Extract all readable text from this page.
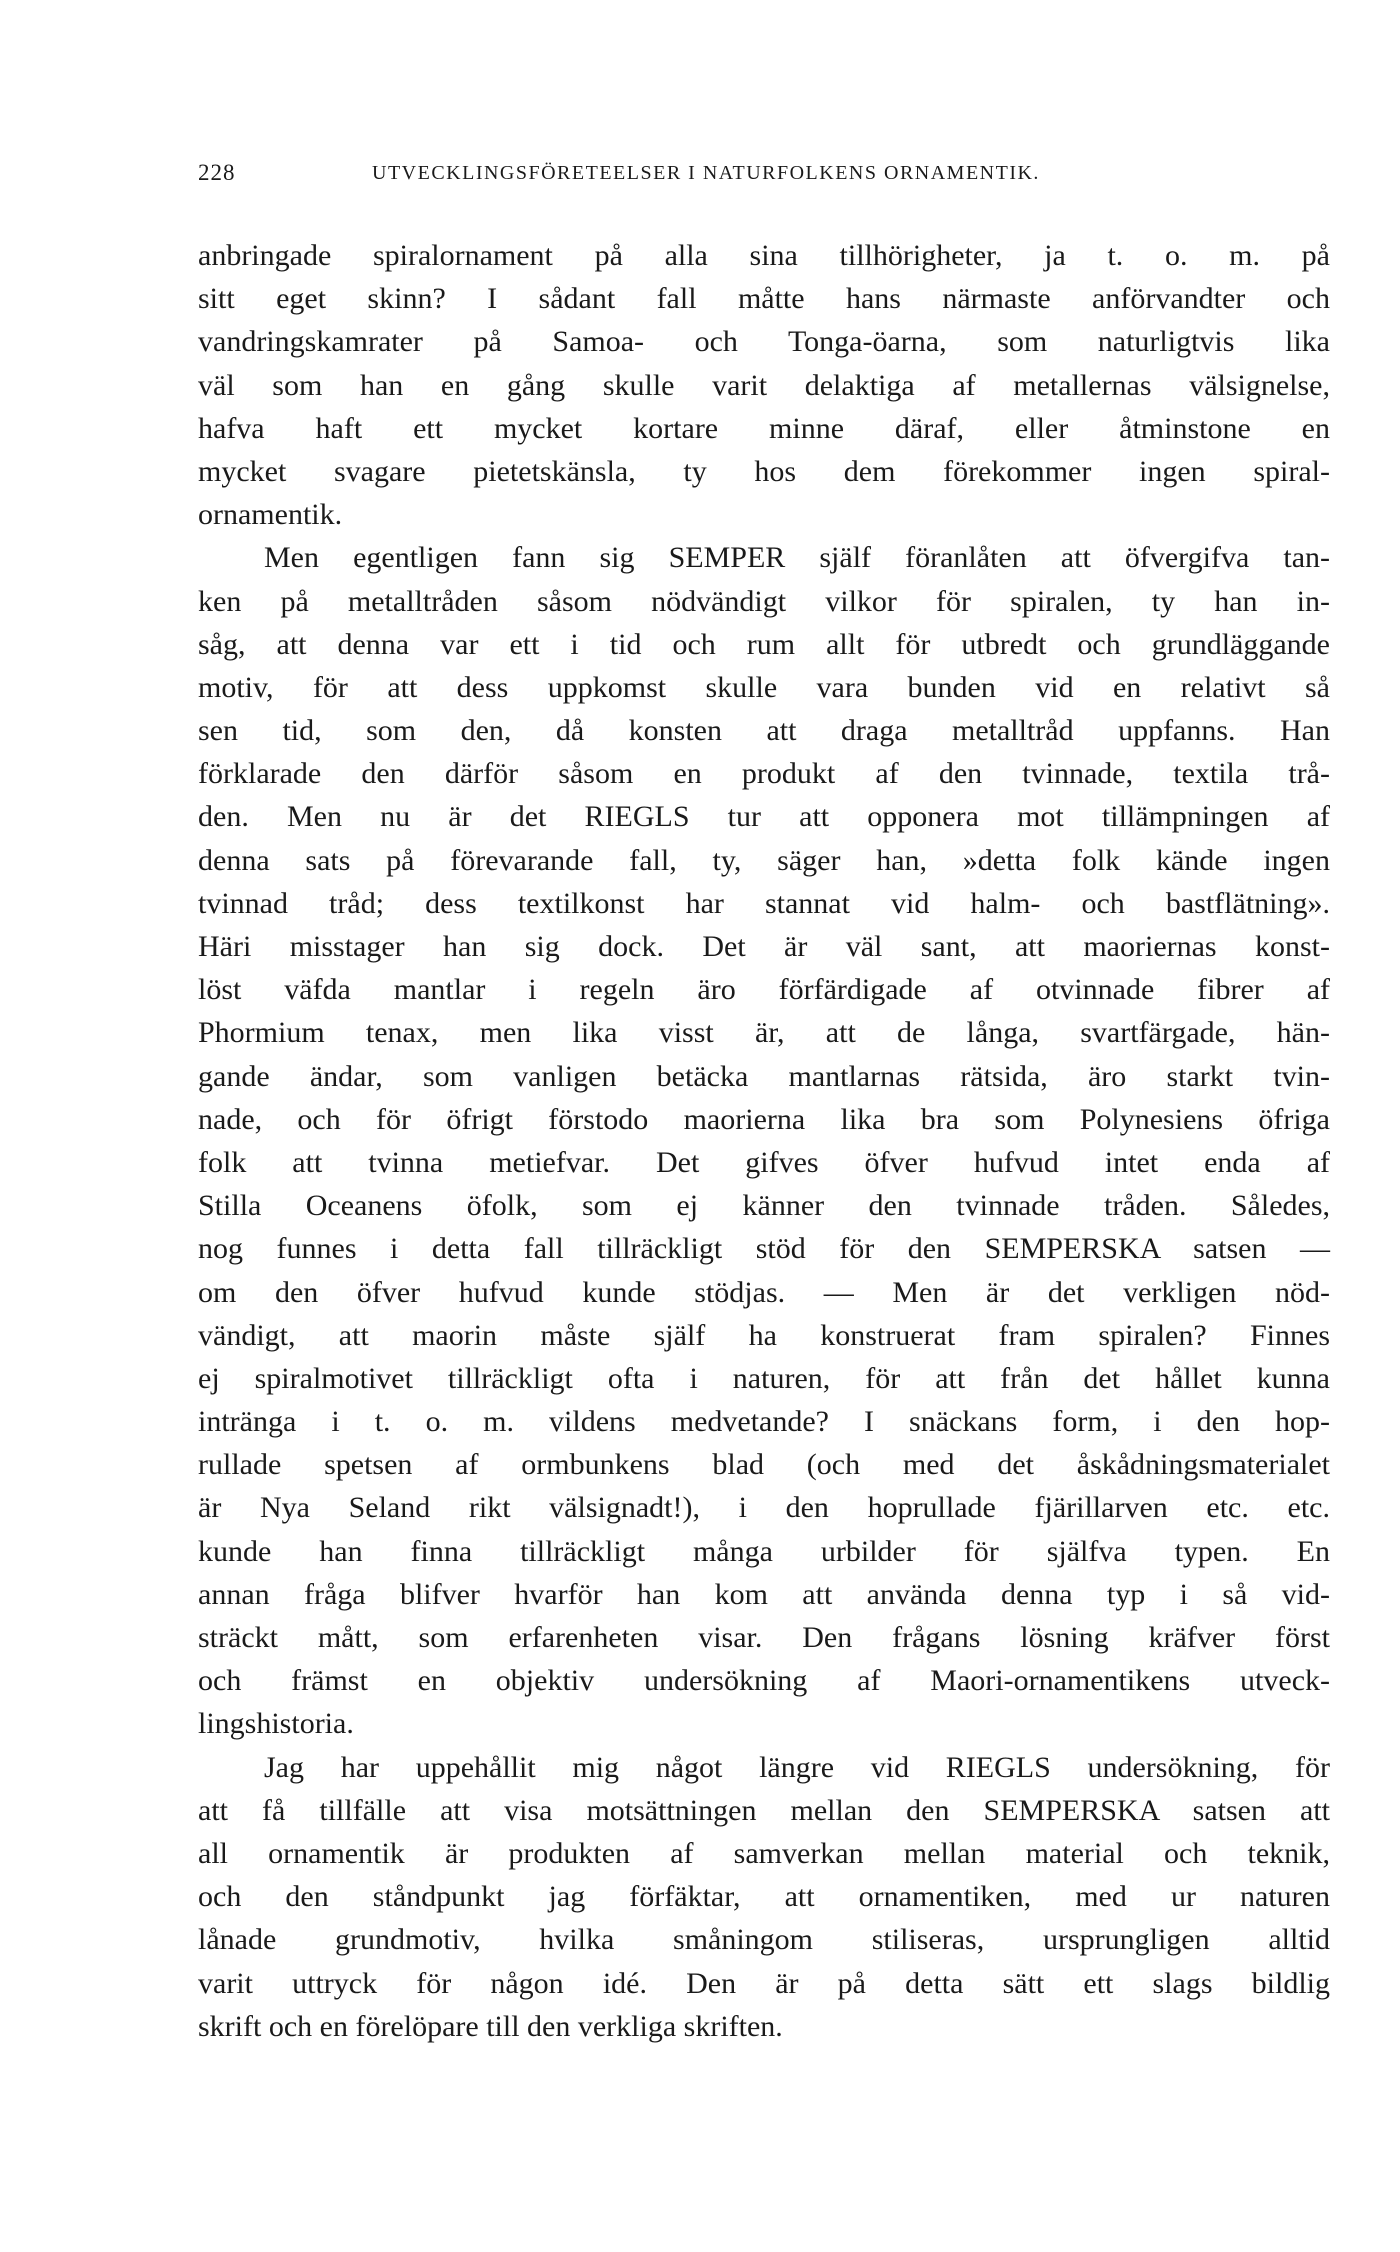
228	UTVECKLINGSFÖRETEELSER I NATURFOLKENS ORNAMENTIK.
anbringade spiralornament på alla sina tillhörigheter, ja t. o. m. på
sitt eget skinn? I sådant fall måtte hans närmaste anförvandter och
vandringskamrater på Samoa- och Tonga-öarna, som naturligtvis lika
väl som han en gång skulle varit delaktiga af metallernas välsignelse,
hafva haft ett mycket kortare minne däraf, eller åtminstone en
mycket svagare pietetskänsla, ty hos dem förekommer ingen spiral-
ornamentik.
Men egentligen fann sig SEMPER själf föranlåten att öfvergifva tan-
ken på metalltråden såsom nödvändigt vilkor för spiralen, ty han in-
såg, att denna var ett i tid och rum allt för utbredt och grundläggande
motiv, för att dess uppkomst skulle vara bunden vid en relativt så
sen tid, som den, då konsten att draga metalltråd uppfanns. Han
förklarade den därför såsom en produkt af den tvinnade, textila trå-
den. Men nu är det RIEGLS tur att opponera mot tillämpningen af
denna sats på förevarande fall, ty, säger han, »detta folk kände ingen
tvinnad tråd; dess textilkonst har stannat vid halm- och bastflätning».
Häri misstager han sig dock. Det är väl sant, att maoriernas konst-
löst väfda mantlar i regeln äro förfärdigade af otvinnade fibrer af
Phormium tenax, men lika visst är, att de långa, svartfärgade, hän-
gande ändar, som vanligen betäcka mantlarnas rätsida, äro starkt tvin-
nade, och för öfrigt förstodo maorierna lika bra som Polynesiens öfriga
folk att tvinna metiefvar. Det gifves öfver hufvud intet enda af
Stilla Oceanens öfolk, som ej känner den tvinnade tråden. Således,
nog funnes i detta fall tillräckligt stöd för den SEMPERSKA satsen —
om den öfver hufvud kunde stödjas. — Men är det verkligen nöd-
vändigt, att maorin måste själf ha konstruerat fram spiralen? Finnes
ej spiralmotivet tillräckligt ofta i naturen, för att från det hållet kunna
intränga i t. o. m. vildens medvetande? I snäckans form, i den hop-
rullade spetsen af ormbunkens blad (och med det åskådningsmaterialet
är Nya Seland rikt välsignadt!), i den hoprullade fjärillarven etc. etc.
kunde han finna tillräckligt många urbilder för själfva typen. En
annan fråga blifver hvarför han kom att använda denna typ i så vid-
sträckt mått, som erfarenheten visar. Den frågans lösning kräfver först
och främst en objektiv undersökning af Maori-ornamentikens utveck-
lingshistoria.
Jag har uppehållit mig något längre vid RIEGLS undersökning, för
att få tillfälle att visa motsättningen mellan den SEMPERSKA satsen att
all ornamentik är produkten af samverkan mellan material och teknik,
och den ståndpunkt jag förfäktar, att ornamentiken, med ur naturen
lånade grundmotiv, hvilka småningom stiliseras, ursprungligen alltid
varit uttryck för någon idé. Den är på detta sätt ett slags bildlig
skrift och en förelöpare till den verkliga skriften.
